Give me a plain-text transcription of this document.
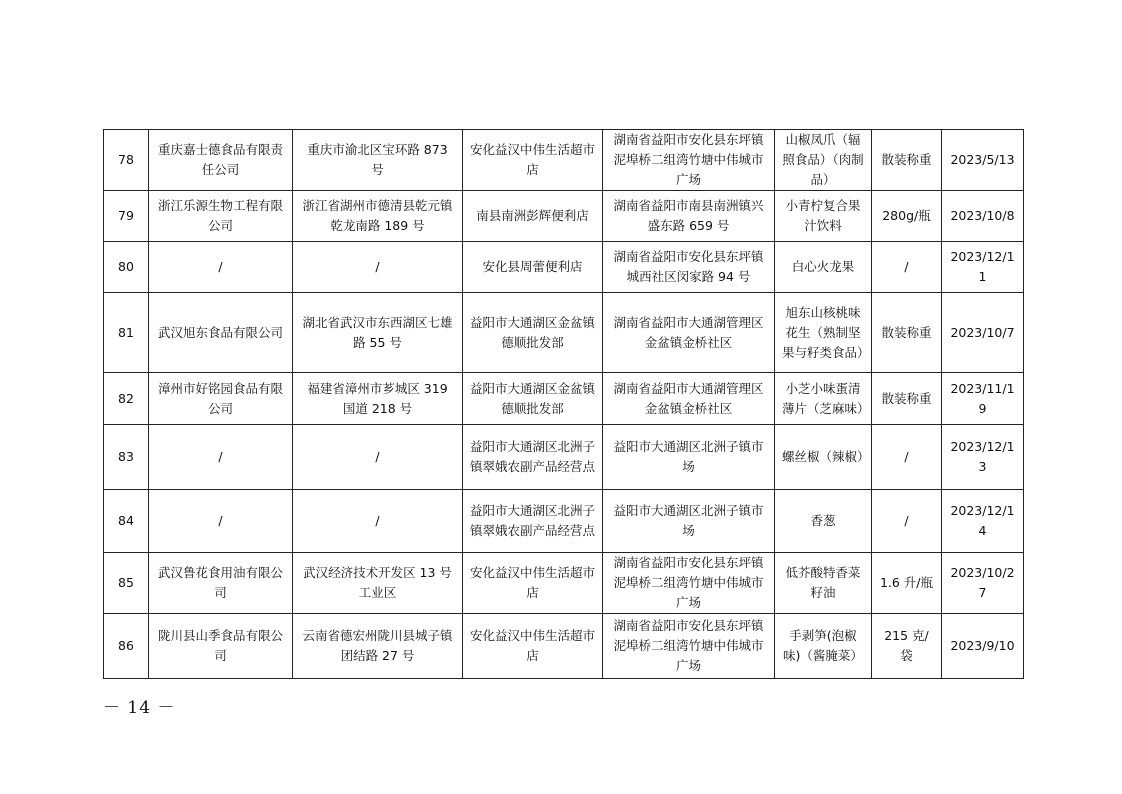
78	重庆嘉士德食品有限责任公司	重庆市渝北区宝环路 873 号	安化益汉中伟生活超市店	湖南省益阳市安化县东坪镇泥埠桥二组湾竹塘中伟城市广场	山椒凤爪（辐照食品）（肉制品）	散装称重	2023/5/13
79	浙江乐源生物工程有限公司	浙江省湖州市德清县乾元镇乾龙南路 189 号	南县南洲彭辉便利店	湖南省益阳市南县南洲镇兴盛东路 659 号	小青柠复合果汁饮料	280g/瓶	2023/10/8
80	/	/	安化县周蕾便利店	湖南省益阳市安化县东坪镇城西社区闵家路 94 号	白心火龙果	/	2023/12/11
81	武汉旭东食品有限公司	湖北省武汉市东西湖区七雄路 55 号	益阳市大通湖区金盆镇德顺批发部	湖南省益阳市大通湖管理区金盆镇金桥社区	旭东山核桃味花生（熟制坚果与籽类食品）	散装称重	2023/10/7
82	漳州市好铭园食品有限公司	福建省漳州市芗城区 319 国道 218 号	益阳市大通湖区金盆镇德顺批发部	湖南省益阳市大通湖管理区金盆镇金桥社区	小芝小味蛋清薄片（芝麻味）	散装称重	2023/11/19
83	/	/	益阳市大通湖区北洲子镇翠娥农副产品经营点	益阳市大通湖区北洲子镇市场	螺丝椒（辣椒）	/	2023/12/13
84	/	/	益阳市大通湖区北洲子镇翠娥农副产品经营点	益阳市大通湖区北洲子镇市场	香葱	/	2023/12/14
85	武汉鲁花食用油有限公司	武汉经济技术开发区 13 号工业区	安化益汉中伟生活超市店	湖南省益阳市安化县东坪镇泥埠桥二组湾竹塘中伟城市广场	低芥酸特香菜籽油	1.6 升/瓶	2023/10/27
86	陇川县山季食品有限公司	云南省德宏州陇川县城子镇团结路 27 号	安化益汉中伟生活超市店	湖南省益阳市安化县东坪镇泥埠桥二组湾竹塘中伟城市广场	手剥笋(泡椒味)（酱腌菜）	215 克/袋	2023/9/10
－ 14 －
